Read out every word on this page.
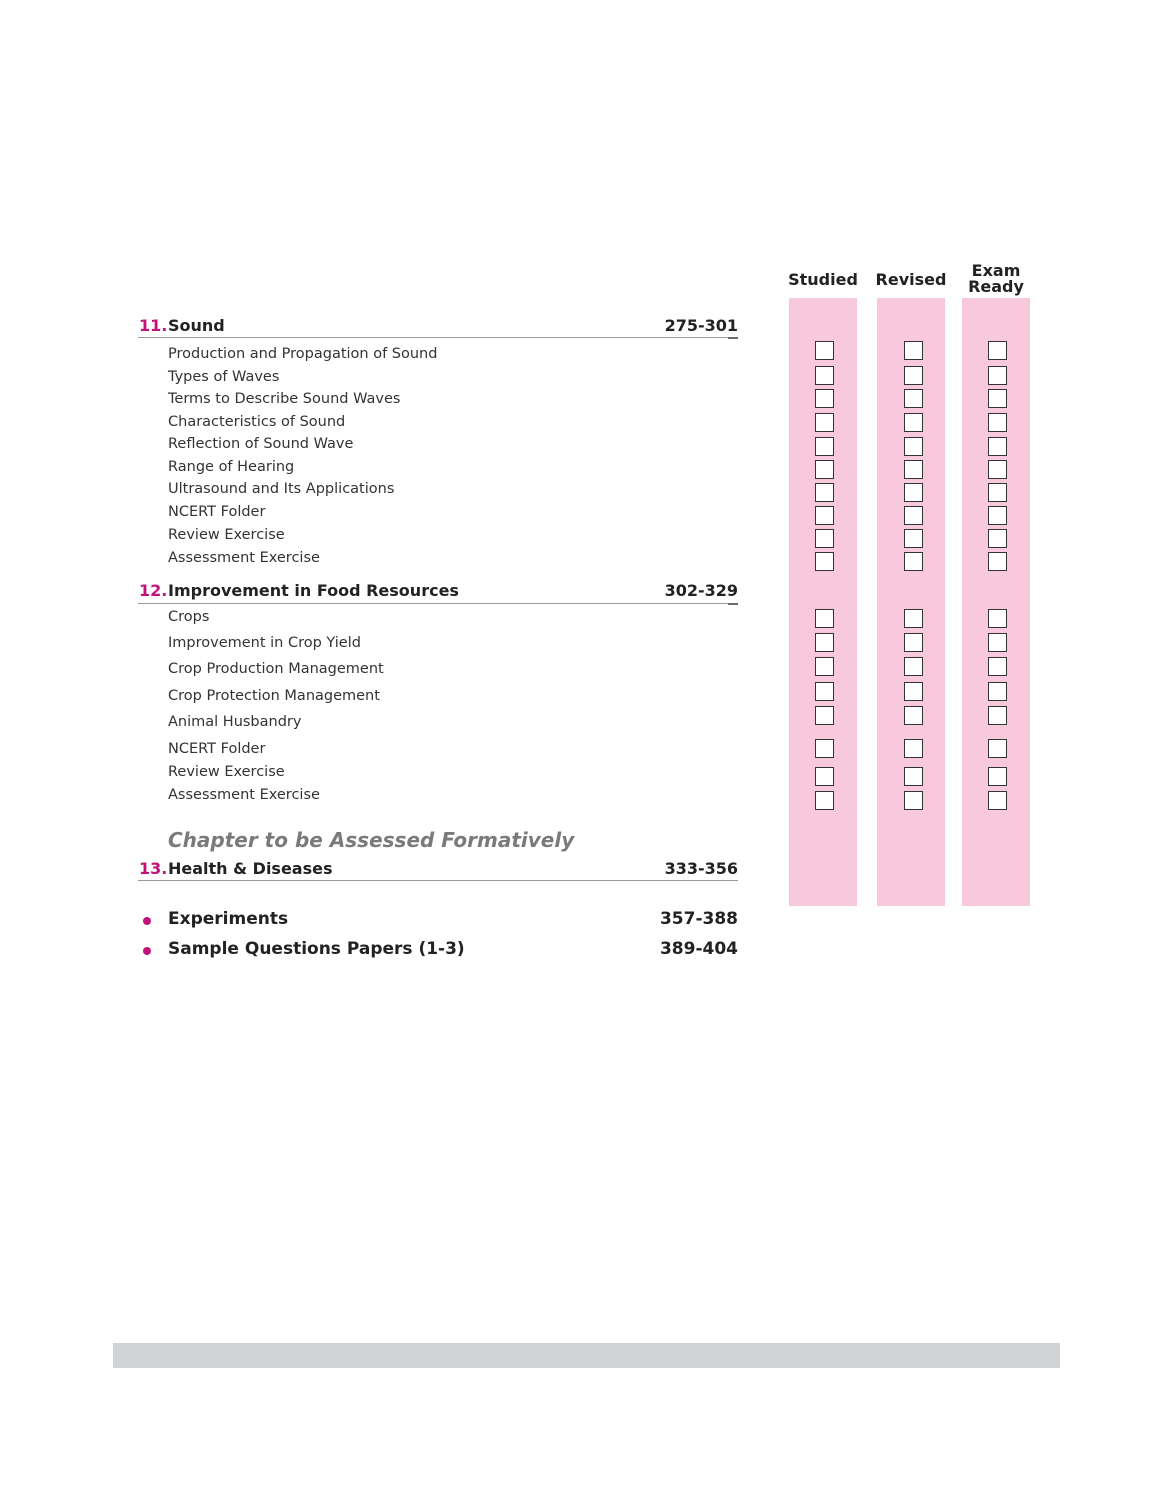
Studied	Revised	Exam
Ready
11. Sound	275-301
Production and Propagation of Sound
Types of Waves
Terms to Describe Sound Waves
Characteristics of Sound
Reflection of Sound Wave
Range of Hearing
Ultrasound and Its Applications
NCERT Folder
Review Exercise
Assessment Exercise
12. Improvement in Food Resources	302-329
Crops
Improvement in Crop Yield
Crop Production Management
Crop Protection Management
Animal Husbandry
NCERT Folder
Review Exercise
Assessment Exercise
Chapter to be Assessed Formatively
13. Health & Diseases	333-356
Experiments	357-388
Sample Questions Papers (1-3)	389-404
